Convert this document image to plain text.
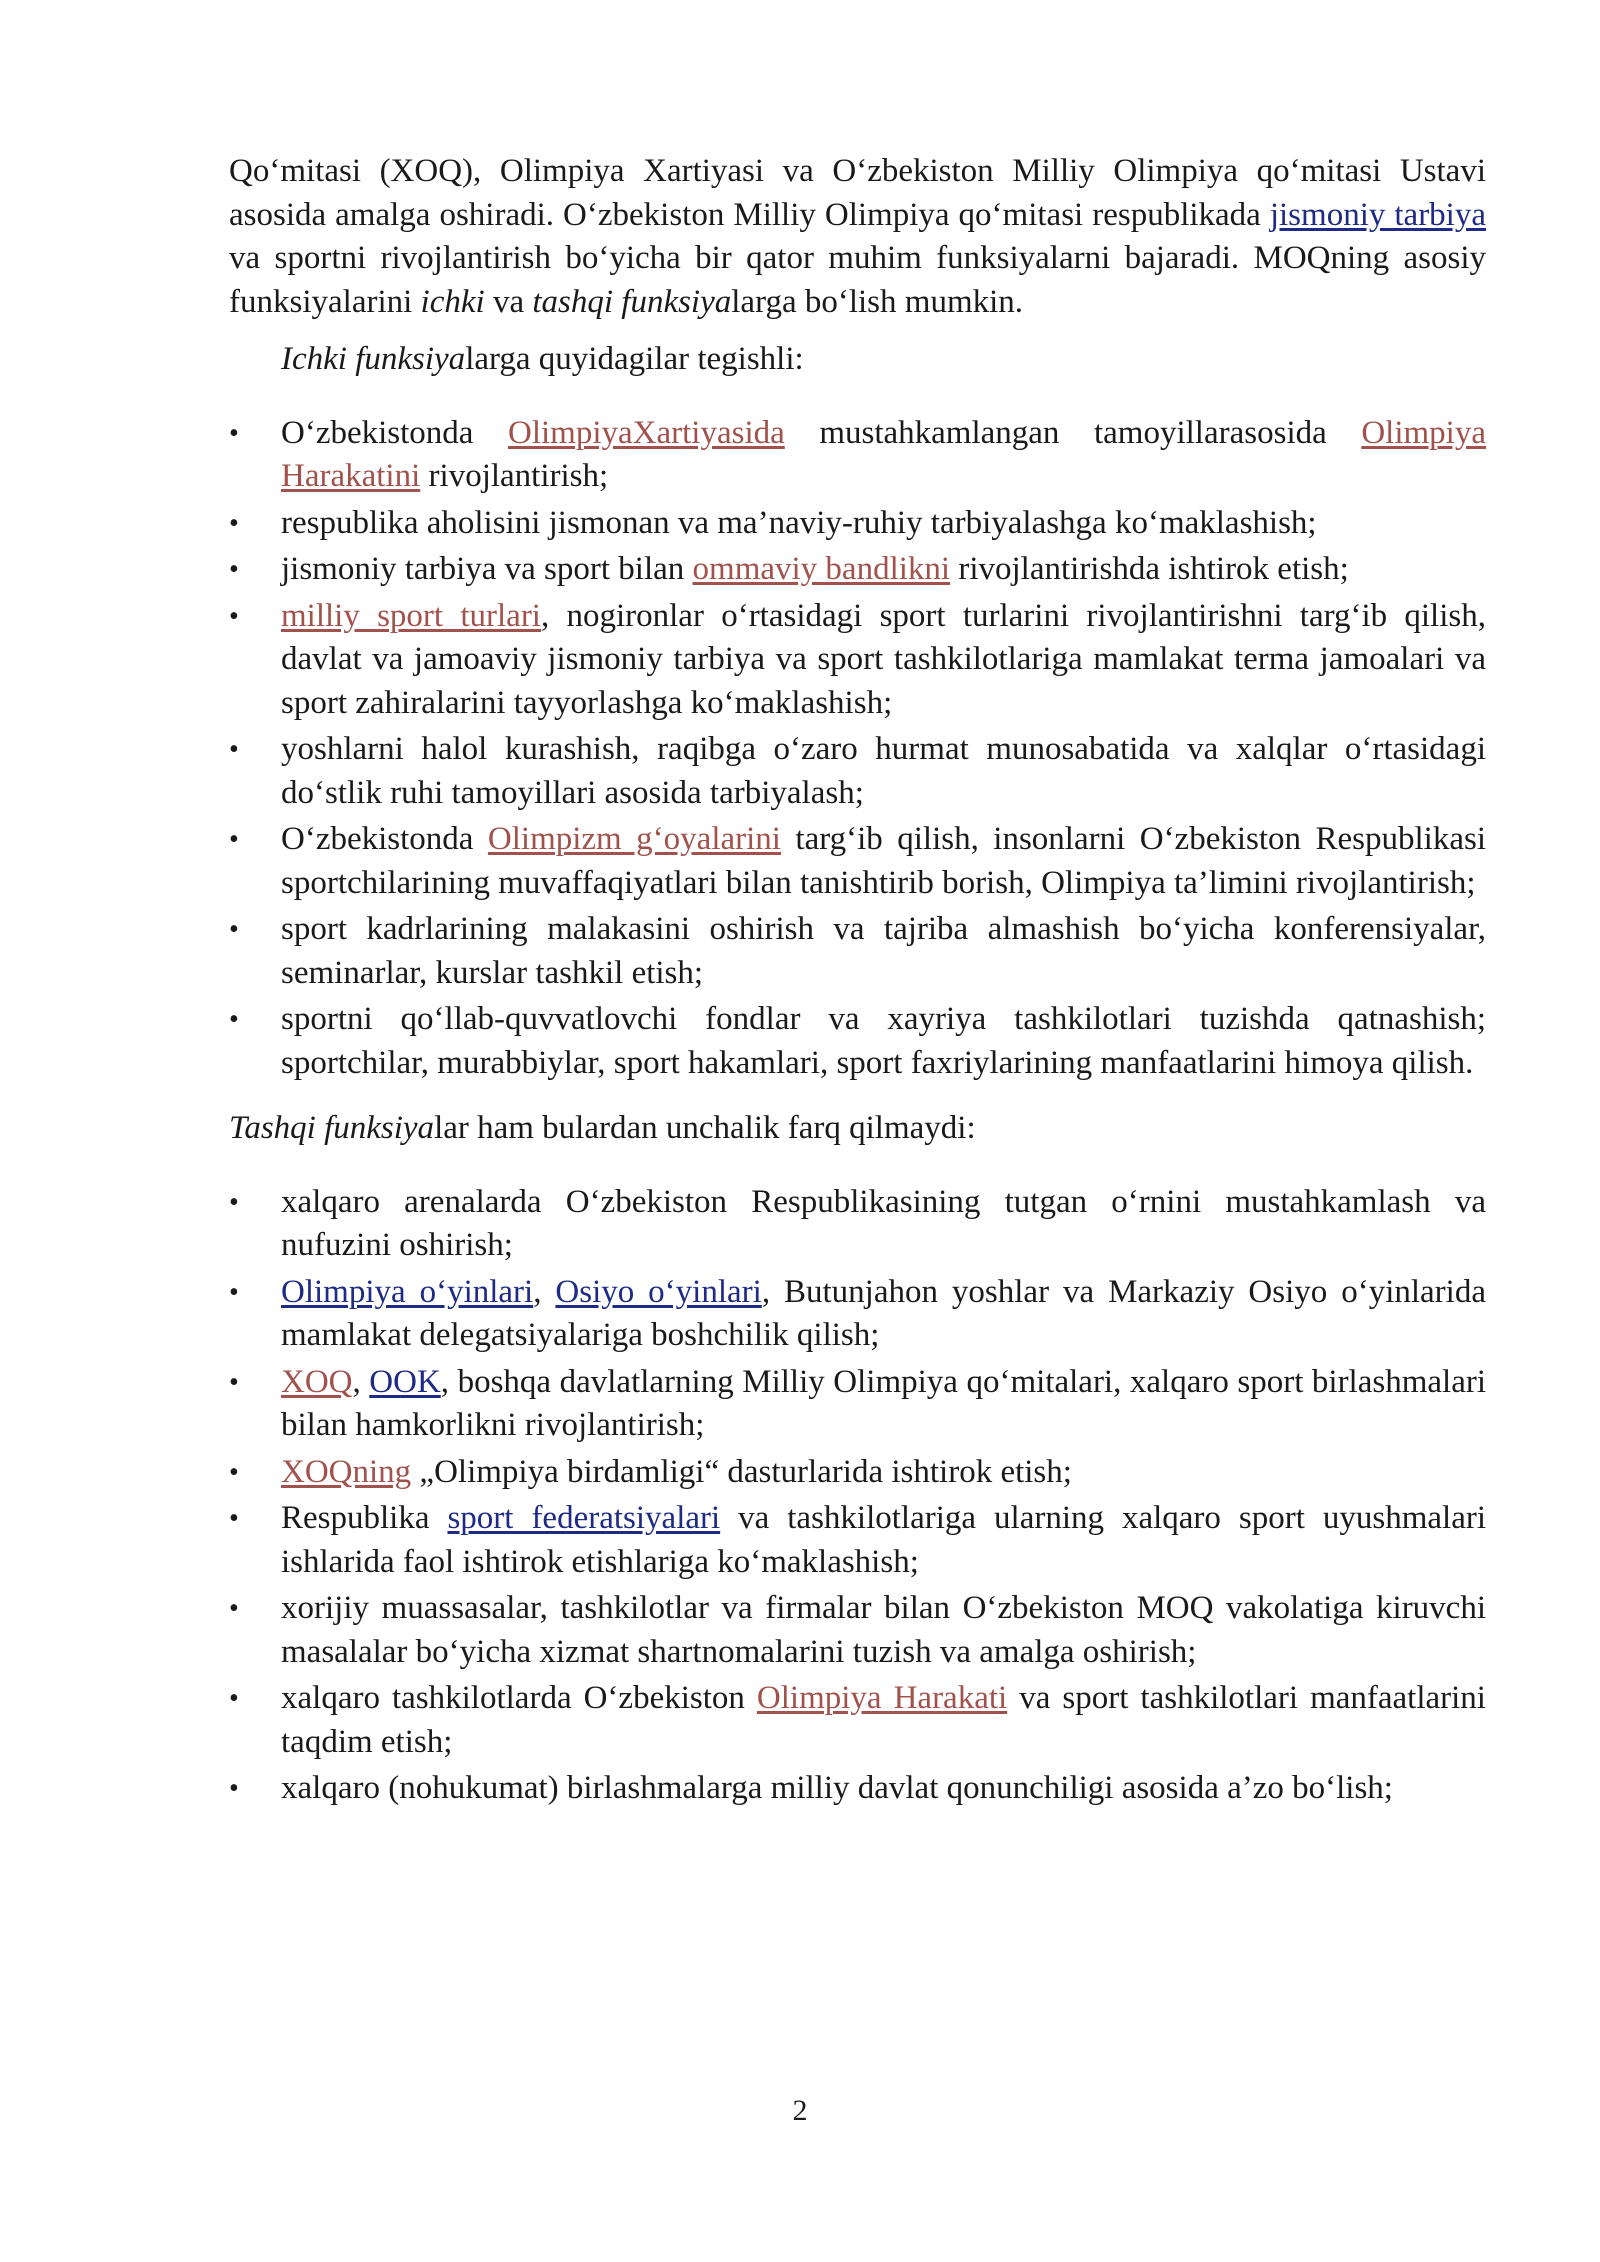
Qo‘mitasi (XOQ), Olimpiya Xartiyasi va O‘zbekiston Milliy Olimpiya qo‘mitasi Ustavi asosida amalga oshiradi. O‘zbekiston Milliy Olimpiya qo‘mitasi respublikada jismoniy tarbiya va sportni rivojlantirish bo‘yicha bir qator muhim funksiyalarni bajaradi. MOQning asosiy funksiyalarini ichki va tashqi funksiyalarga bo‘lish mumkin.

Ichki funksiyalarga quyidagilar tegishli:

•	O‘zbekistonda OlimpiyaXartiyasida mustahkamlangan tamoyillarasosida Olimpiya Harakatini rivojlantirish;
•	respublika aholisini jismonan va ma’naviy-ruhiy tarbiyalashga ko‘maklashish;
•	jismoniy tarbiya va sport bilan ommaviy bandlikni rivojlantirishda ishtirok etish;
•	milliy sport turlari, nogironlar o‘rtasidagi sport turlarini rivojlantirishni targ‘ib qilish, davlat va jamoaviy jismoniy tarbiya va sport tashkilotlariga mamlakat terma jamoalari va sport zahiralarini tayyorlashga ko‘maklashish;
•	yoshlarni halol kurashish, raqibga o‘zaro hurmat munosabatida va xalqlar o‘rtasidagi do‘stlik ruhi tamoyillari asosida tarbiyalash;
•	O‘zbekistonda Olimpizm g‘oyalarini targ‘ib qilish, insonlarni O‘zbekiston Respublikasi sportchilarining muvaffaqiyatlari bilan tanishtirib borish, Olimpiya ta’limini rivojlantirish;
•	sport kadrlarining malakasini oshirish va tajriba almashish bo‘yicha konferensiyalar, seminarlar, kurslar tashkil etish;
•	sportni qo‘llab-quvvatlovchi fondlar va xayriya tashkilotlari tuzishda qatnashish; sportchilar, murabbiylar, sport hakamlari, sport faxriylarining manfaatlarini himoya qilish.

Tashqi funksiyalar ham bulardan unchalik farq qilmaydi:

•	xalqaro arenalarda O‘zbekiston Respublikasining tutgan o‘rnini mustahkamlash va nufuzini oshirish;
•	Olimpiya o‘yinlari, Osiyo o‘yinlari, Butunjahon yoshlar va Markaziy Osiyo o‘yinlarida mamlakat delegatsiyalariga boshchilik qilish;
•	XOQ, OOK, boshqa davlatlarning Milliy Olimpiya qo‘mitalari, xalqaro sport birlashmalari bilan hamkorlikni rivojlantirish;
•	XOQning „Olimpiya birdamligi“ dasturlarida ishtirok etish;
•	Respublika sport federatsiyalari va tashkilotlariga ularning xalqaro sport uyushmalari ishlarida faol ishtirok etishlariga ko‘maklashish;
•	xorijiy muassasalar, tashkilotlar va firmalar bilan O‘zbekiston MOQ vakolatiga kiruvchi masalalar bo‘yicha xizmat shartnomalarini tuzish va amalga oshirish;
•	xalqaro tashkilotlarda O‘zbekiston Olimpiya Harakati va sport tashkilotlari manfaatlarini taqdim etish;
•	xalqaro (nohukumat) birlashmalarga milliy davlat qonunchiligi asosida a’zo bo‘lish;
2
